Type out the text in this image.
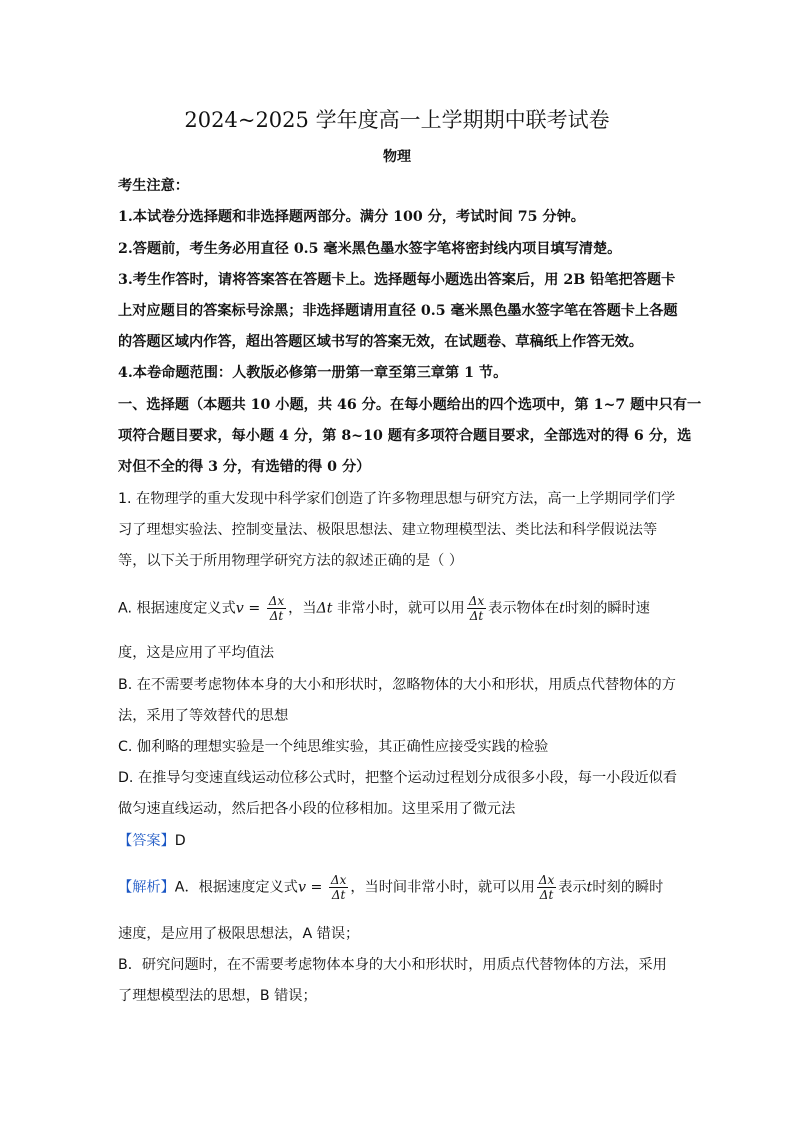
2024~2025 学年度高一上学期期中联考试卷
物理
考生注意：
1.本试卷分选择题和非选择题两部分。满分 100 分，考试时间 75 分钟。
2.答题前，考生务必用直径 0.5 毫米黑色墨水签字笔将密封线内项目填写清楚。
3.考生作答时，请将答案答在答题卡上。选择题每小题选出答案后，用 2B 铅笔把答题卡
上对应题目的答案标号涂黑；非选择题请用直径 0.5 毫米黑色墨水签字笔在答题卡上各题
的答题区域内作答，超出答题区域书写的答案无效，在试题卷、草稿纸上作答无效。
4.本卷命题范围：人教版必修第一册第一章至第三章第 1 节。
一、选择题（本题共 10 小题，共 46 分。在每小题给出的四个选项中，第 1~7 题中只有一
项符合题目要求，每小题 4 分，第 8~10 题有多项符合题目要求，全部选对的得 6 分，选
对但不全的得 3 分，有选错的得 0 分）
1. 在物理学的重大发现中科学家们创造了许多物理思想与研究方法，高一上学期同学们学
习了理想实验法、控制变量法、极限思想法、建立物理模型法、类比法和科学假说法等
等，以下关于所用物理学研究方法的叙述正确的是（ ）
A. 根据速度定义式$v = \frac{\Delta x}{\Delta t}$ ，当Δt 非常小时，就可以用 $\frac{\Delta x}{\Delta t}$ 表示物体在t时刻的瞬时速
度，这是应用了平均值法
B. 在不需要考虑物体本身的大小和形状时，忽略物体的大小和形状，用质点代替物体的方
法，采用了等效替代的思想
C. 伽利略的理想实验是一个纯思维实验，其正确性应接受实践的检验
D. 在推导匀变速直线运动位移公式时，把整个运动过程划分成很多小段，每一小段近似看
做匀速直线运动，然后把各小段的位移相加。这里采用了微元法
【答案】D
【解析】A．根据速度定义式$v = \frac{\Delta x}{\Delta t}$ ，当时间非常小时，就可以用 $\frac{\Delta x}{\Delta t}$ 表示t时刻的瞬时
速度，是应用了极限思想法，A 错误；
B．研究问题时，在不需要考虑物体本身的大小和形状时，用质点代替物体的方法，采用
了理想模型法的思想，B 错误；
